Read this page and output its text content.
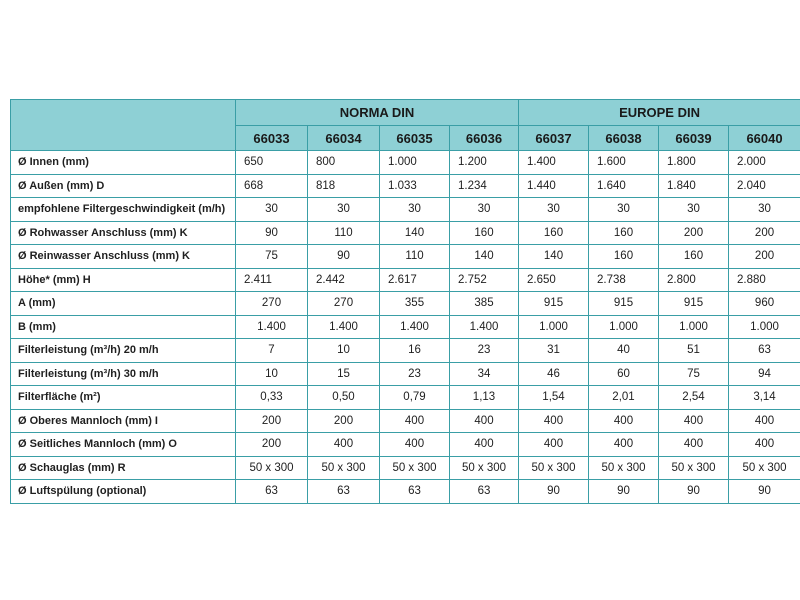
	NORMA DIN				EUROPE DIN			
	66033	66034	66035	66036	66037	66038	66039	66040
Ø Innen (mm)	650	800	1.000	1.200	1.400	1.600	1.800	2.000
Ø Außen (mm) D	668	818	1.033	1.234	1.440	1.640	1.840	2.040
empfohlene Filtergeschwindigkeit (m/h)	30	30	30	30	30	30	30	30
Ø Rohwasser Anschluss (mm) K	90	110	140	160	160	160	200	200
Ø Reinwasser Anschluss (mm) K	75	90	110	140	140	160	160	200
Höhe* (mm) H	2.411	2.442	2.617	2.752	2.650	2.738	2.800	2.880
A (mm)	270	270	355	385	915	915	915	960
B (mm)	1.400	1.400	1.400	1.400	1.000	1.000	1.000	1.000
Filterleistung (m³/h) 20 m/h	7	10	16	23	31	40	51	63
Filterleistung (m³/h) 30 m/h	10	15	23	34	46	60	75	94
Filterfläche (m²)	0,33	0,50	0,79	1,13	1,54	2,01	2,54	3,14
Ø Oberes Mannloch (mm) I	200	200	400	400	400	400	400	400
Ø Seitliches Mannloch (mm) O	200	400	400	400	400	400	400	400
Ø Schauglas (mm) R	50 x 300	50 x 300	50 x 300	50 x 300	50 x 300	50 x 300	50 x 300	50 x 300
Ø Luftspülung (optional)	63	63	63	63	90	90	90	90
